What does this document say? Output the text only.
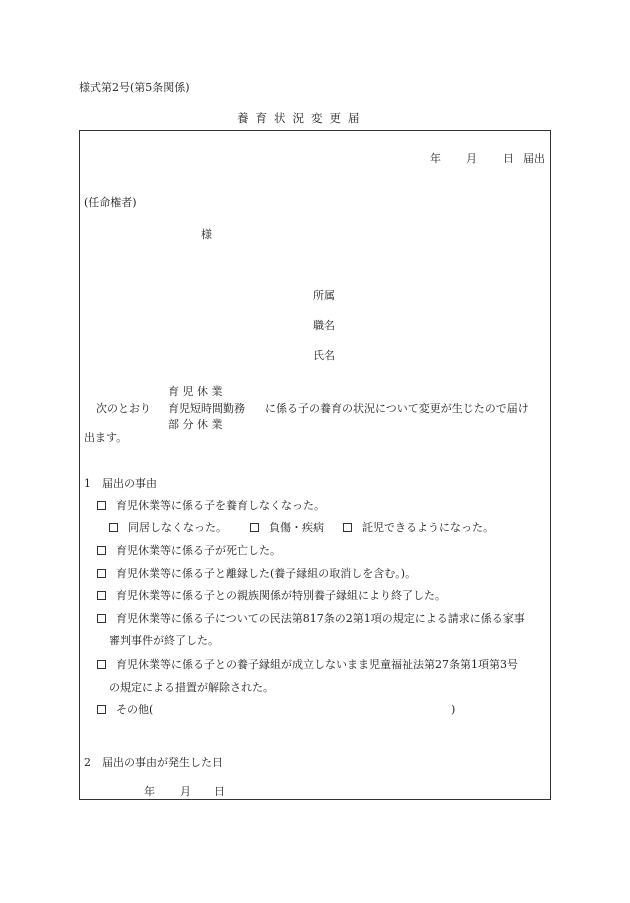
様式第2号(第5条関係)
養育状況変更届
年 月 日 届出
(任命権者)
様
所属
職名
氏名
育 児 休 業
次のとおり 育児短時間勤務 に係る子の養育の状況について変更が生じたので届け
部 分 休 業
出ます。
1　届出の事由
育児休業等に係る子を養育しなくなった。
同居しなくなった。	負傷・疾病	託児できるようになった。
育児休業等に係る子が死亡した。
育児休業等に係る子と離縁した(養子縁組の取消しを含む。)。
育児休業等に係る子との親族関係が特別養子縁組により終了した。
育児休業等に係る子についての民法第817条の2第1項の規定による請求に係る家事
審判事件が終了した。
育児休業等に係る子との養子縁組が成立しないまま児童福祉法第27条第1項第3号
の規定による措置が解除された。
その他(	)
2　届出の事由が発生した日
年 月 日
